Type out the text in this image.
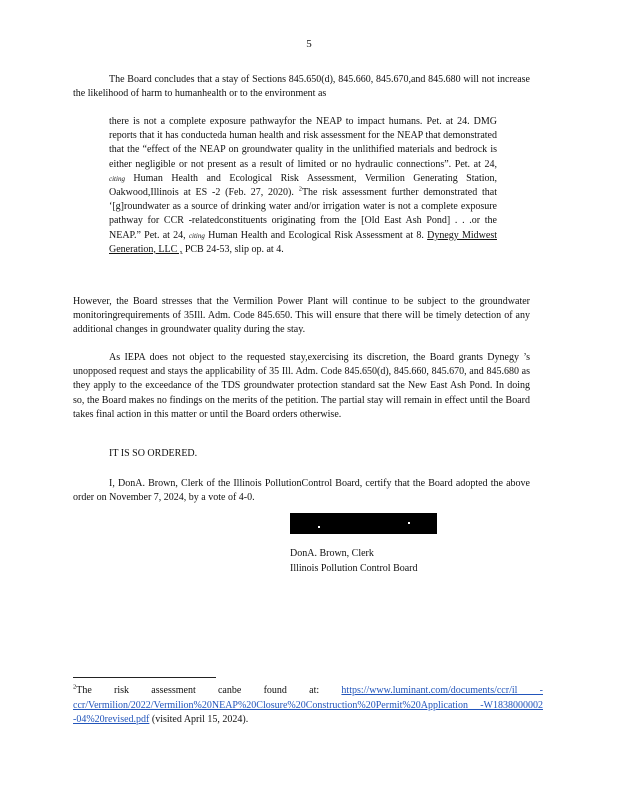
5

The Board concludes that a stay of Sections 845.650(d), 845.660, 845.670,and 845.680 will not increase the likelihood of harm to humanhealth or to the environment as

there is not a complete exposure pathwayfor the NEAP to impact humans. Pet. at 24. DMG reports that it has conducteda human health and risk assessment for the NEAP that demonstrated that the “effect of the NEAP on groundwater quality in the unlithified materials and bedrock is either negligible or not present as a result of limited or no hydraulic connections”. Pet. at 24, citing Human Health and Ecological Risk Assessment, Vermilion Generating Station, Oakwood,Illinois at ES -2 (Feb. 27, 2020). $^2$The risk assessment further demonstrated that ‘[g]roundwater as a source of drinking water and/or irrigation water is not a complete exposure pathway for CCR -relatedconstituents originating from the [Old East Ash Pond] . . .or the NEAP.” Pet. at 24, citing Human Health and Ecological Risk Assessment at 8. Dynegy Midwest Generation, LLC , PCB 24-53, slip op. at 4.

However, the Board stresses that the Vermilion Power Plant will continue to be subject to the groundwater monitoringrequirements of 35Ill. Adm. Code 845.650. This will ensure that there will be timely detection of any additional changes in groundwater quality during the stay.

As IEPA does not object to the requested stay,exercising its discretion, the Board grants Dynegy ’s unopposed request and stays the applicability of 35 Ill. Adm. Code 845.650(d), 845.660, 845.670, and 845.680 as they apply to the exceedance of the TDS groundwater protection standard sat the New East Ash Pond. In doing so, the Board makes no findings on the merits of the petition. The partial stay will remain in effect until the Board takes final action in this matter or until the Board orders otherwise.

IT IS SO ORDERED.

I, DonA. Brown, Clerk of the Illinois PollutionControl Board, certify that the Board adopted the above order on November 7, 2024, by a vote of 4-0.

DonA. Brown, Clerk
Illinois Pollution Control Board

$^2$The risk assessment canbe found at: https://www.luminant.com/documents/ccr/il -ccr/Vermilion/2022/Vermilion%20NEAP%20Closure%20Construction%20Permit%20Application -W1838000002 -04%20revised.pdf (visited April 15, 2024).
